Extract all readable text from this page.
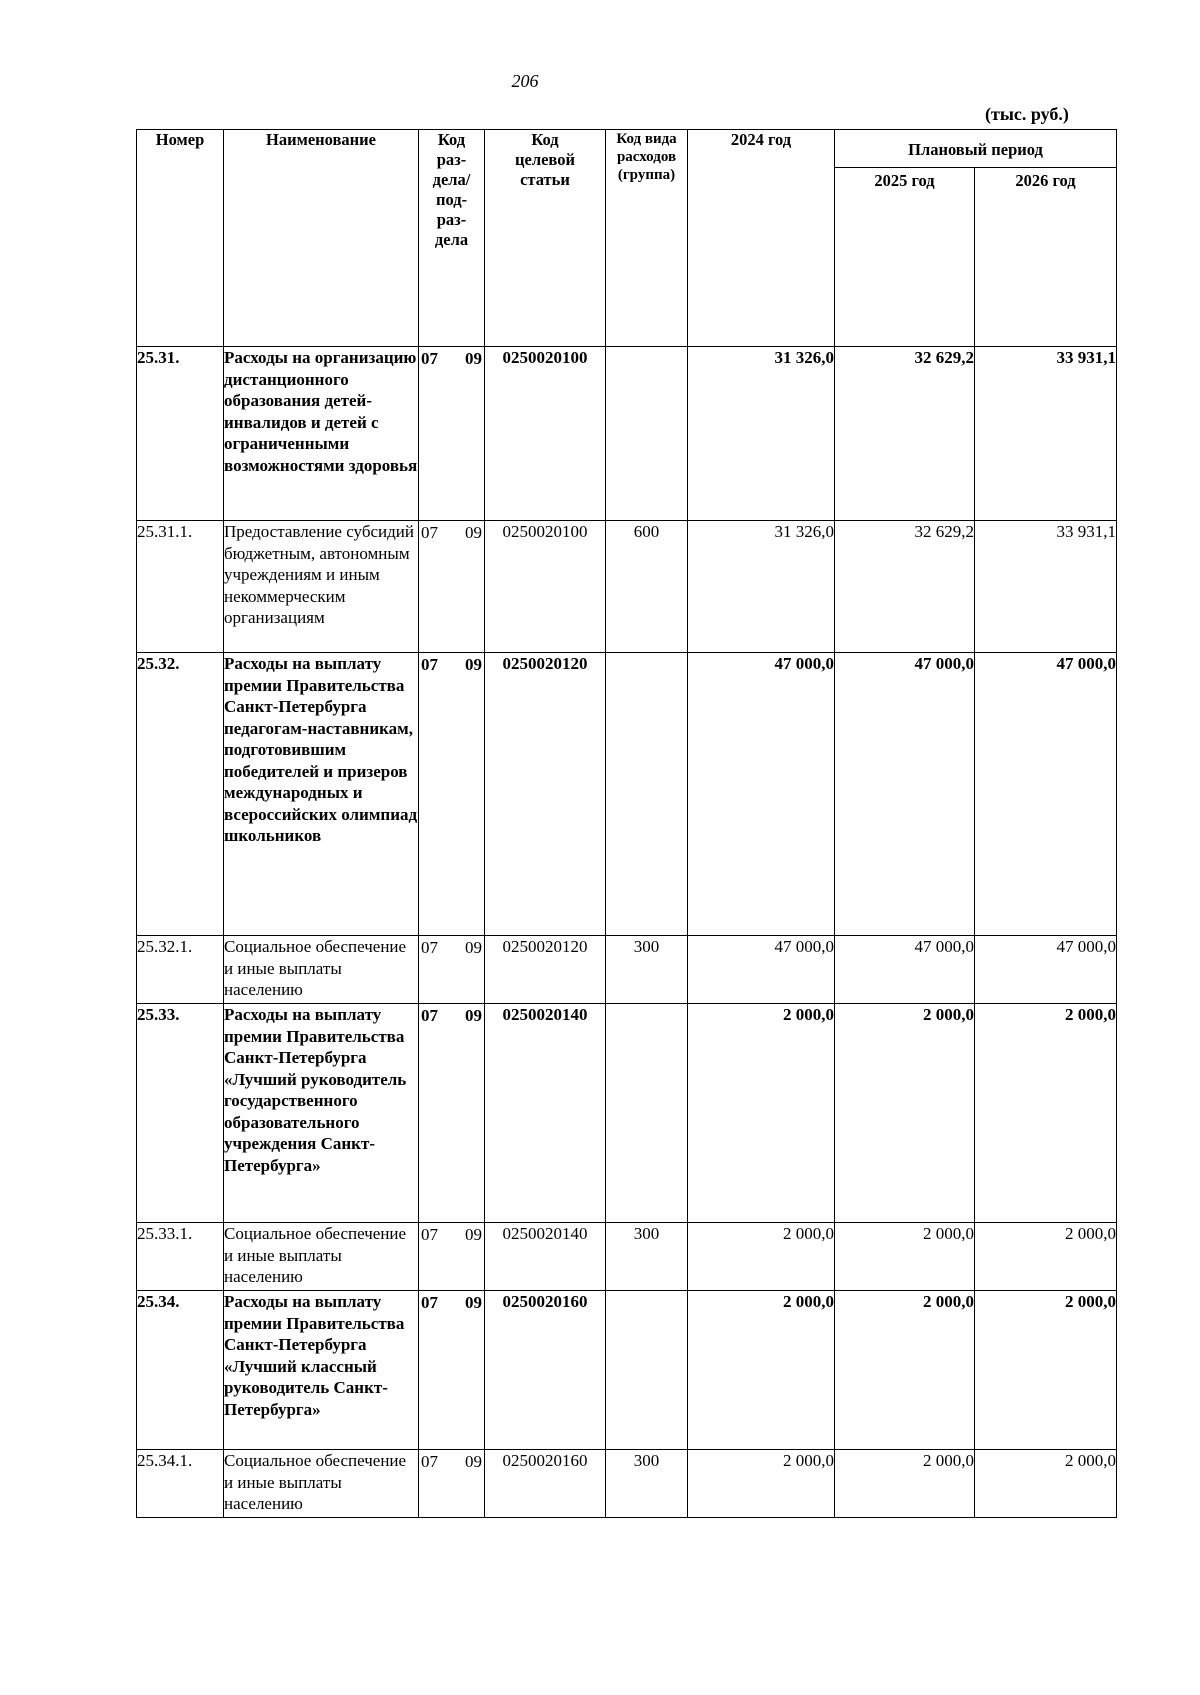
206
(тыс. руб.)
Номер	Наименование	Код раз- дела/ под- раз- дела	Код целевой статьи	Код вида расходов (группа)	2024 год	Плановый период	
						2025 год	2026 год
25.31.	Расходы на организацию дистанционного образования детей-инвалидов и детей с ограниченными возможностями здоровья	07 09	0250020100		31 326,0	32 629,2	33 931,1
25.31.1.	Предоставление субсидий бюджетным, автономным учреждениям и иным некоммерческим организациям	07 09	0250020100	600	31 326,0	32 629,2	33 931,1
25.32.	Расходы на выплату премии Правительства Санкт-Петербурга педагогам-наставникам, подготовившим победителей и призеров международных и всероссийских олимпиад школьников	07 09	0250020120		47 000,0	47 000,0	47 000,0
25.32.1.	Социальное обеспечение и иные выплаты населению	07 09	0250020120	300	47 000,0	47 000,0	47 000,0
25.33.	Расходы на выплату премии Правительства Санкт-Петербурга «Лучший руководитель государственного образовательного учреждения Санкт-Петербурга»	07 09	0250020140		2 000,0	2 000,0	2 000,0
25.33.1.	Социальное обеспечение и иные выплаты населению	07 09	0250020140	300	2 000,0	2 000,0	2 000,0
25.34.	Расходы на выплату премии Правительства Санкт-Петербурга «Лучший классный руководитель Санкт-Петербурга»	07 09	0250020160		2 000,0	2 000,0	2 000,0
25.34.1.	Социальное обеспечение и иные выплаты населению	07 09	0250020160	300	2 000,0	2 000,0	2 000,0
